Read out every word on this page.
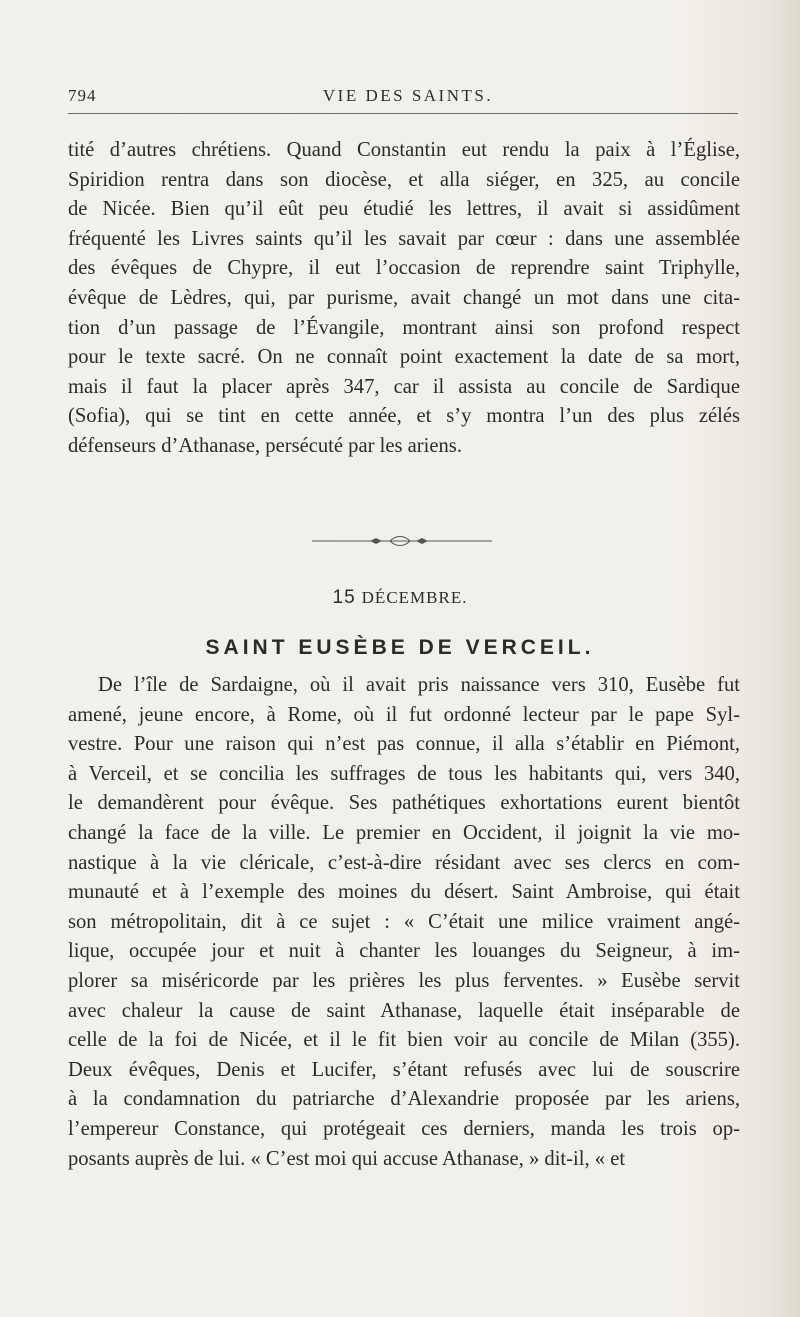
794	VIE DES SAINTS.

tité d’autres chrétiens. Quand Constantin eut rendu la paix à l’Église,

Spiridion rentra dans son diocèse, et alla siéger, en 325, au concile

de Nicée. Bien qu’il eût peu étudié les lettres, il avait si assidûment

fréquenté les Livres saints qu’il les savait par cœur : dans une assemblée

des évêques de Chypre, il eut l’occasion de reprendre saint Triphylle,

évêque de Lèdres, qui, par purisme, avait changé un mot dans une cita-

tion d’un passage de l’Évangile, montrant ainsi son profond respect

pour le texte sacré. On ne connaît point exactement la date de sa mort,

mais il faut la placer après 347, car il assista au concile de Sardique

(Sofia), qui se tint en cette année, et s’y montra l’un des plus zélés

défenseurs d’Athanase, persécuté par les ariens.

15 DÉCEMBRE.
SAINT EUSÈBE DE VERCEIL.

De l’île de Sardaigne, où il avait pris naissance vers 310, Eusèbe fut

amené, jeune encore, à Rome, où il fut ordonné lecteur par le pape Syl-

vestre. Pour une raison qui n’est pas connue, il alla s’établir en Piémont,

à Verceil, et se concilia les suffrages de tous les habitants qui, vers 340,

le demandèrent pour évêque. Ses pathétiques exhortations eurent bientôt

changé la face de la ville. Le premier en Occident, il joignit la vie mo-

nastique à la vie cléricale, c’est-à-dire résidant avec ses clercs en com-

munauté et à l’exemple des moines du désert. Saint Ambroise, qui était

son métropolitain, dit à ce sujet : « C’était une milice vraiment angé-

lique, occupée jour et nuit à chanter les louanges du Seigneur, à im-

plorer sa miséricorde par les prières les plus ferventes. » Eusèbe servit

avec chaleur la cause de saint Athanase, laquelle était inséparable de

celle de la foi de Nicée, et il le fit bien voir au concile de Milan (355).

Deux évêques, Denis et Lucifer, s’étant refusés avec lui de souscrire

à la condamnation du patriarche d’Alexandrie proposée par les ariens,

l’empereur Constance, qui protégeait ces derniers, manda les trois op-

posants auprès de lui. « C’est moi qui accuse Athanase, » dit-il, « et
